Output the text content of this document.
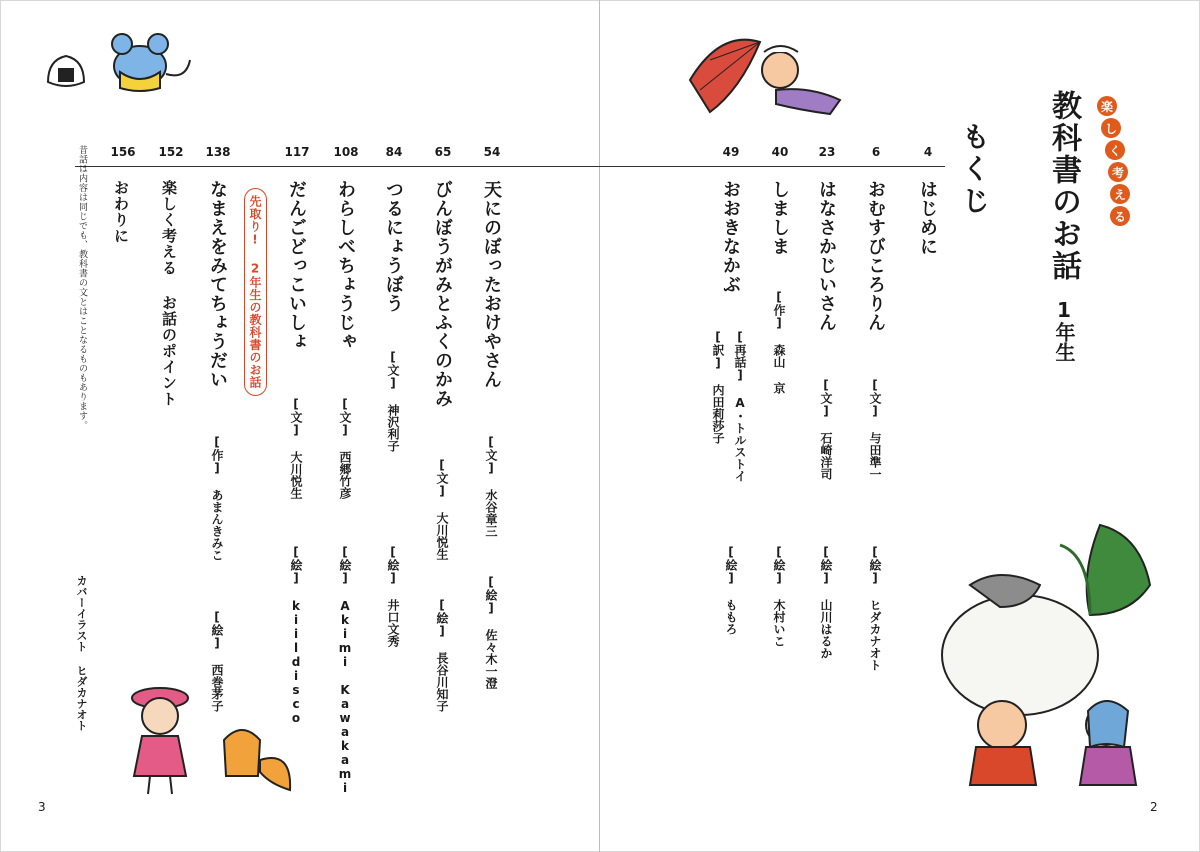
楽
し
く
考
え
る
教科書のお話
1年生
もくじ
4
6
23
40
49
はじめに
おむすびころりん
はなさかじいさん
しましま
おおきなかぶ
[文] 与田準一
[文] 石崎洋司
[作] 森山 京
[再話] A・トルストイ
[訳] 内田莉莎子
[絵] ヒダカナオト
[絵] 山川はるか
[絵] 木村いこ
[絵] ももろ
2
54
65
84
108
117
138
152
156
天にのぼったおけやさん
びんぼうがみとふくのかみ
つるにょうぼう
わらしべちょうじゃ
だんごどっこいしょ
なまえをみてちょうだい
楽しく考える お話のポイント
おわりに	先取り! 2年生の教科書のお話
[文] 水谷章三
[文] 大川悦生
[文] 神沢利子
[文] 西郷竹彦
[文] 大川悦生
[作] あまんきみこ
[絵] 佐々木一澄
[絵] 長谷川知子
[絵] 井口文秀
[絵] Akimi Kawakami
[絵] kiildisco
[絵] 西巻茅子
昔話は内容は同じでも、教科書の文とはことなるものもあります。
カバーイラスト ヒダカナオト
3
